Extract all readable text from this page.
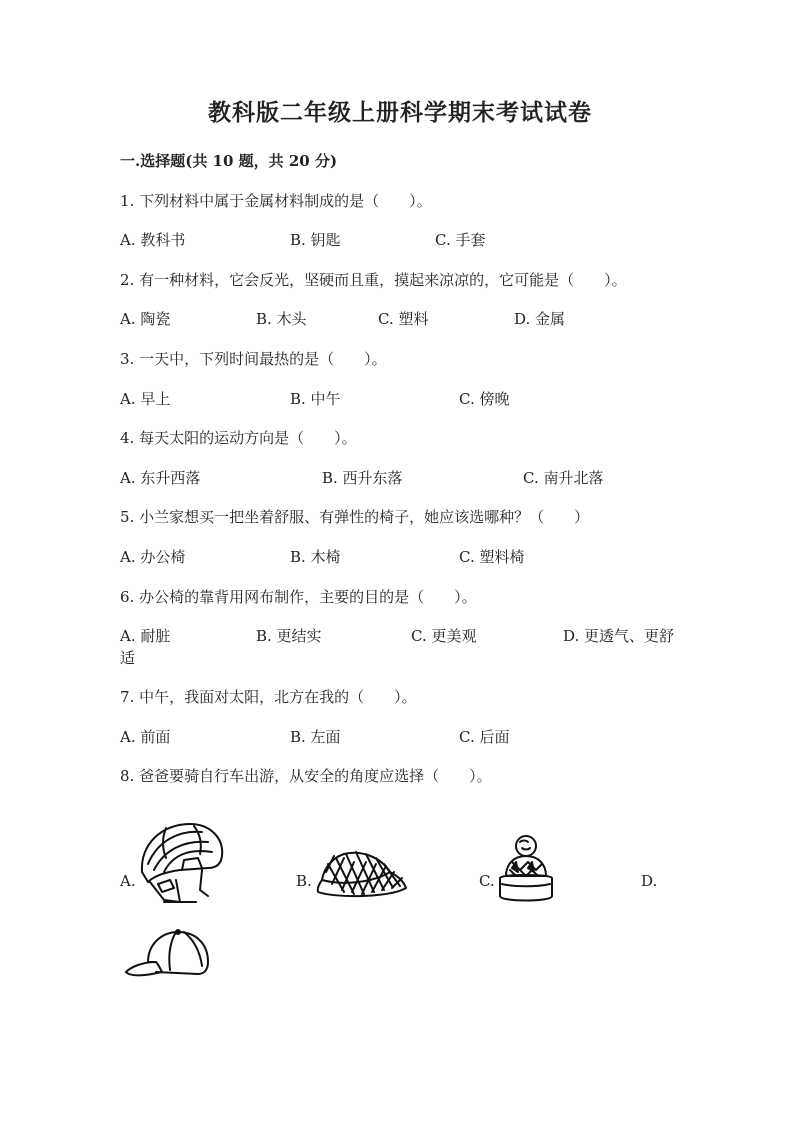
教科版二年级上册科学期末考试试卷
一.选择题(共 10 题，共 20 分)
1. 下列材料中属于金属材料制成的是（　　）。
A. 教科书	B. 钥匙	C. 手套
2. 有一种材料，它会反光，坚硬而且重，摸起来凉凉的，它可能是（　　）。
A. 陶瓷	B. 木头	C. 塑料	D. 金属
3. 一天中，下列时间最热的是（　　）。
A. 早上	B. 中午	C. 傍晚
4. 每天太阳的运动方向是（　　）。
A. 东升西落	B. 西升东落	C. 南升北落
5. 小兰家想买一把坐着舒服、有弹性的椅子，她应该选哪种？（　　）
A. 办公椅	B. 木椅	C. 塑料椅
6. 办公椅的靠背用网布制作，主要的目的是（　　）。
A. 耐脏	B. 更结实	C. 更美观	D. 更透气、更舒
适
7. 中午，我面对太阳，北方在我的（　　）。
A. 前面	B. 左面	C. 后面
8. 爸爸要骑自行车出游，从安全的角度应选择（　　）。
A.	B.	C.	D.
